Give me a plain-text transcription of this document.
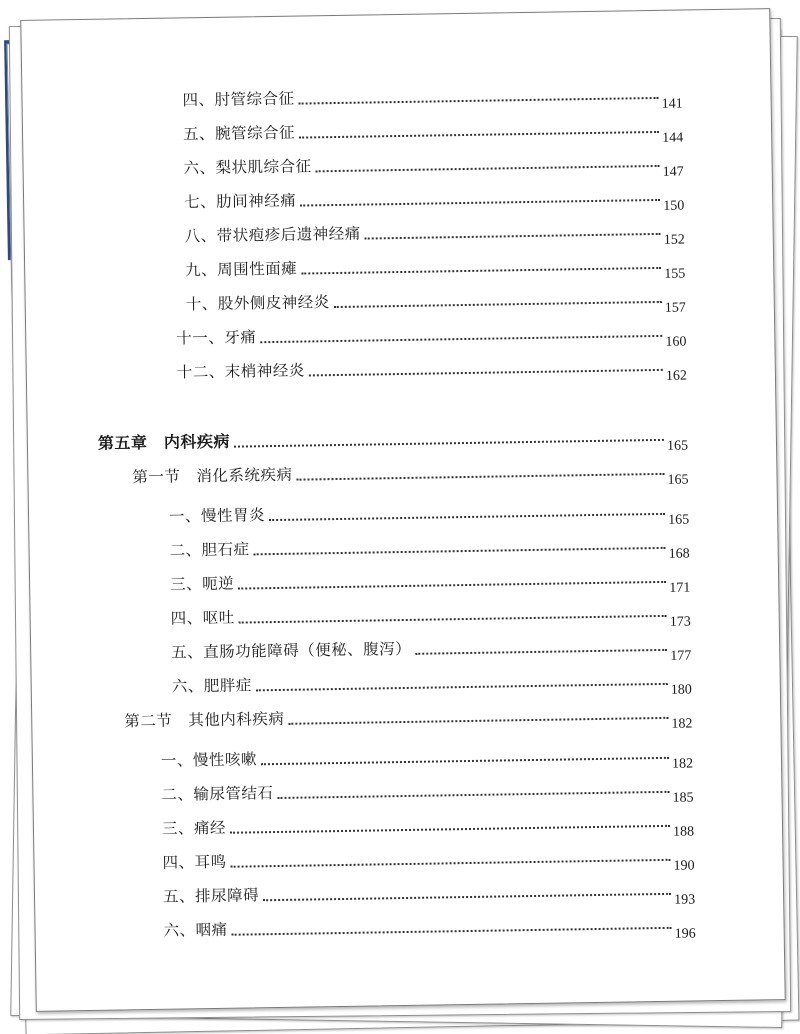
四、肘管综合征	141
五、腕管综合征	144
六、梨状肌综合征	147
七、肋间神经痛	150
八、带状疱疹后遗神经痛	152
九、周围性面瘫	155
十、股外侧皮神经炎	157
十一、牙痛	160
十二、末梢神经炎	162
第五章　内科疾病	165
第一节　消化系统疾病	165
一、慢性胃炎	165
二、胆石症	168
三、呃逆	171
四、呕吐	173
五、直肠功能障碍（便秘、腹泻）	177
六、肥胖症	180
第二节　其他内科疾病	182
一、慢性咳嗽	182
二、输尿管结石	185
三、痛经	188
四、耳鸣	190
五、排尿障碍	193
六、咽痛	196
